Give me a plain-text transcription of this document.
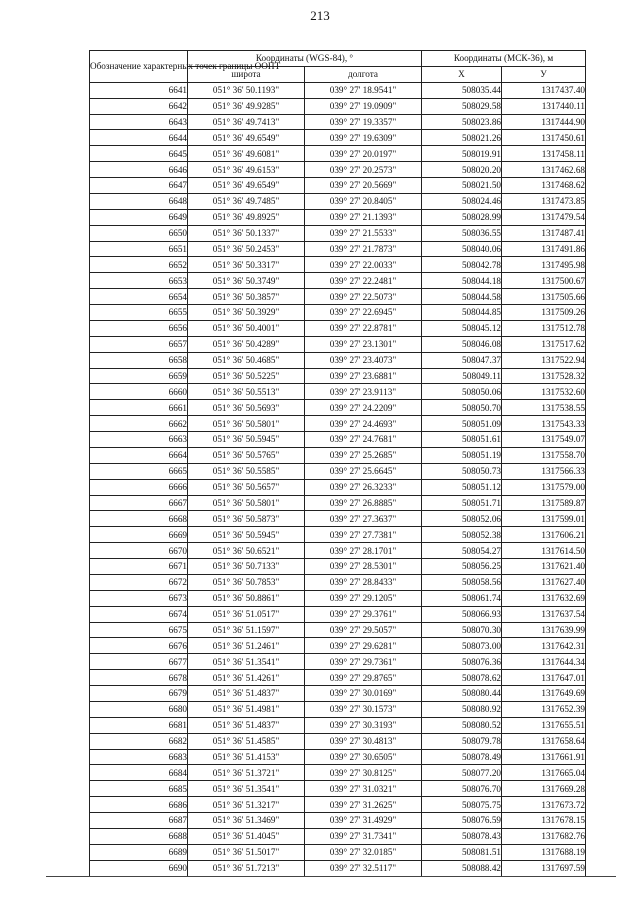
213
Обозначение характерных точек границы ООПТ	Координаты (WGS-84), °		Координаты (МСК-36), м	
	широта	долгота	X	У
6641	051° 36' 50.1193"	039° 27' 18.9541"	508035.44	1317437.40
6642	051° 36' 49.9285"	039° 27' 19.0909"	508029.58	1317440.11
6643	051° 36' 49.7413"	039° 27' 19.3357"	508023.86	1317444.90
6644	051° 36' 49.6549"	039° 27' 19.6309"	508021.26	1317450.61
6645	051° 36' 49.6081"	039° 27' 20.0197"	508019.91	1317458.11
6646	051° 36' 49.6153"	039° 27' 20.2573"	508020.20	1317462.68
6647	051° 36' 49.6549"	039° 27' 20.5669"	508021.50	1317468.62
6648	051° 36' 49.7485"	039° 27' 20.8405"	508024.46	1317473.85
6649	051° 36' 49.8925"	039° 27' 21.1393"	508028.99	1317479.54
6650	051° 36' 50.1337"	039° 27' 21.5533"	508036.55	1317487.41
6651	051° 36' 50.2453"	039° 27' 21.7873"	508040.06	1317491.86
6652	051° 36' 50.3317"	039° 27' 22.0033"	508042.78	1317495.98
6653	051° 36' 50.3749"	039° 27' 22.2481"	508044.18	1317500.67
6654	051° 36' 50.3857"	039° 27' 22.5073"	508044.58	1317505.66
6655	051° 36' 50.3929"	039° 27' 22.6945"	508044.85	1317509.26
6656	051° 36' 50.4001"	039° 27' 22.8781"	508045.12	1317512.78
6657	051° 36' 50.4289"	039° 27' 23.1301"	508046.08	1317517.62
6658	051° 36' 50.4685"	039° 27' 23.4073"	508047.37	1317522.94
6659	051° 36' 50.5225"	039° 27' 23.6881"	508049.11	1317528.32
6660	051° 36' 50.5513"	039° 27' 23.9113"	508050.06	1317532.60
6661	051° 36' 50.5693"	039° 27' 24.2209"	508050.70	1317538.55
6662	051° 36' 50.5801"	039° 27' 24.4693"	508051.09	1317543.33
6663	051° 36' 50.5945"	039° 27' 24.7681"	508051.61	1317549.07
6664	051° 36' 50.5765"	039° 27' 25.2685"	508051.19	1317558.70
6665	051° 36' 50.5585"	039° 27' 25.6645"	508050.73	1317566.33
6666	051° 36' 50.5657"	039° 27' 26.3233"	508051.12	1317579.00
6667	051° 36' 50.5801"	039° 27' 26.8885"	508051.71	1317589.87
6668	051° 36' 50.5873"	039° 27' 27.3637"	508052.06	1317599.01
6669	051° 36' 50.5945"	039° 27' 27.7381"	508052.38	1317606.21
6670	051° 36' 50.6521"	039° 27' 28.1701"	508054.27	1317614.50
6671	051° 36' 50.7133"	039° 27' 28.5301"	508056.25	1317621.40
6672	051° 36' 50.7853"	039° 27' 28.8433"	508058.56	1317627.40
6673	051° 36' 50.8861"	039° 27' 29.1205"	508061.74	1317632.69
6674	051° 36' 51.0517"	039° 27' 29.3761"	508066.93	1317637.54
6675	051° 36' 51.1597"	039° 27' 29.5057"	508070.30	1317639.99
6676	051° 36' 51.2461"	039° 27' 29.6281"	508073.00	1317642.31
6677	051° 36' 51.3541"	039° 27' 29.7361"	508076.36	1317644.34
6678	051° 36' 51.4261"	039° 27' 29.8765"	508078.62	1317647.01
6679	051° 36' 51.4837"	039° 27' 30.0169"	508080.44	1317649.69
6680	051° 36' 51.4981"	039° 27' 30.1573"	508080.92	1317652.39
6681	051° 36' 51.4837"	039° 27' 30.3193"	508080.52	1317655.51
6682	051° 36' 51.4585"	039° 27' 30.4813"	508079.78	1317658.64
6683	051° 36' 51.4153"	039° 27' 30.6505"	508078.49	1317661.91
6684	051° 36' 51.3721"	039° 27' 30.8125"	508077.20	1317665.04
6685	051° 36' 51.3541"	039° 27' 31.0321"	508076.70	1317669.28
6686	051° 36' 51.3217"	039° 27' 31.2625"	508075.75	1317673.72
6687	051° 36' 51.3469"	039° 27' 31.4929"	508076.59	1317678.15
6688	051° 36' 51.4045"	039° 27' 31.7341"	508078.43	1317682.76
6689	051° 36' 51.5017"	039° 27' 32.0185"	508081.51	1317688.19
6690	051° 36' 51.7213"	039° 27' 32.5117"	508088.42	1317697.59
